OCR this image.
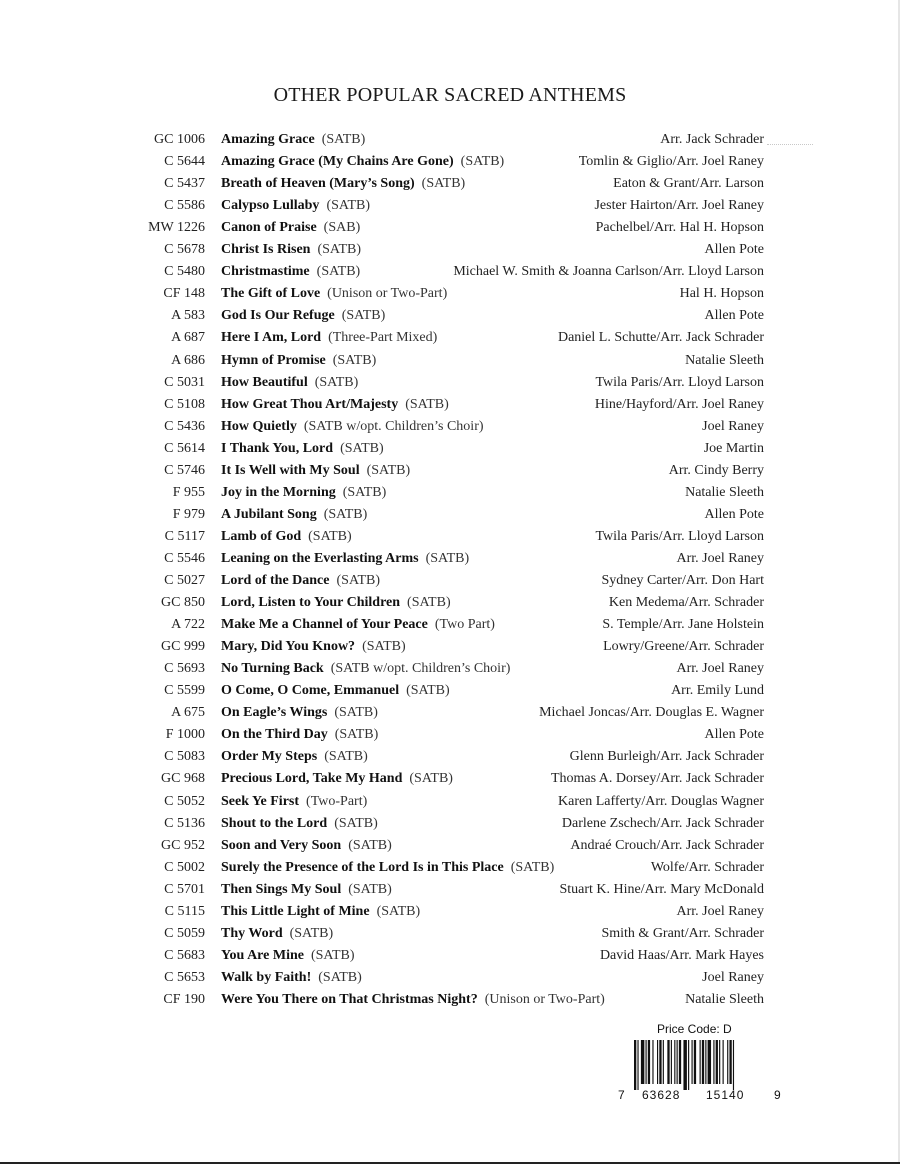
OTHER POPULAR SACRED ANTHEMS
GC 1006 Amazing Grace  (SATB)	Arr. Jack Schrader
C 5644 Amazing Grace (My Chains Are Gone)  (SATB)	Tomlin & Giglio/Arr. Joel Raney
C 5437 Breath of Heaven (Mary’s Song)  (SATB)	Eaton & Grant/Arr. Larson
C 5586 Calypso Lullaby  (SATB)	Jester Hairton/Arr. Joel Raney
MW 1226 Canon of Praise  (SAB)	Pachelbel/Arr. Hal H. Hopson
C 5678 Christ Is Risen  (SATB)	Allen Pote
C 5480 Christmastime  (SATB)	Michael W. Smith & Joanna Carlson/Arr. Lloyd Larson
CF 148 The Gift of Love  (Unison or Two-Part)	Hal H. Hopson
A 583 God Is Our Refuge  (SATB)	Allen Pote
A 687 Here I Am, Lord  (Three-Part Mixed)	Daniel L. Schutte/Arr. Jack Schrader
A 686 Hymn of Promise  (SATB)	Natalie Sleeth
C 5031 How Beautiful  (SATB)	Twila Paris/Arr. Lloyd Larson
C 5108 How Great Thou Art/Majesty  (SATB)	Hine/Hayford/Arr. Joel Raney
C 5436 How Quietly  (SATB w/opt. Children’s Choir)	Joel Raney
C 5614 I Thank You, Lord  (SATB)	Joe Martin
C 5746 It Is Well with My Soul  (SATB)	Arr. Cindy Berry
F 955 Joy in the Morning  (SATB)	Natalie Sleeth
F 979 A Jubilant Song  (SATB)	Allen Pote
C 5117 Lamb of God  (SATB)	Twila Paris/Arr. Lloyd Larson
C 5546 Leaning on the Everlasting Arms  (SATB)	Arr. Joel Raney
C 5027 Lord of the Dance  (SATB)	Sydney Carter/Arr. Don Hart
GC 850 Lord, Listen to Your Children  (SATB)	Ken Medema/Arr. Schrader
A 722 Make Me a Channel of Your Peace  (Two Part)	S. Temple/Arr. Jane Holstein
GC 999 Mary, Did You Know?  (SATB)	Lowry/Greene/Arr. Schrader
C 5693 No Turning Back  (SATB w/opt. Children’s Choir)	Arr. Joel Raney
C 5599 O Come, O Come, Emmanuel  (SATB)	Arr. Emily Lund
A 675 On Eagle’s Wings  (SATB)	Michael Joncas/Arr. Douglas E. Wagner
F 1000 On the Third Day  (SATB)	Allen Pote
C 5083 Order My Steps  (SATB)	Glenn Burleigh/Arr. Jack Schrader
GC 968 Precious Lord, Take My Hand  (SATB)	Thomas A. Dorsey/Arr. Jack Schrader
C 5052 Seek Ye First  (Two-Part)	Karen Lafferty/Arr. Douglas Wagner
C 5136 Shout to the Lord  (SATB)	Darlene Zschech/Arr. Jack Schrader
GC 952 Soon and Very Soon  (SATB)	Andraé Crouch/Arr. Jack Schrader
C 5002 Surely the Presence of the Lord Is in This Place  (SATB)	Wolfe/Arr. Schrader
C 5701 Then Sings My Soul  (SATB)	Stuart K. Hine/Arr. Mary McDonald
C 5115 This Little Light of Mine  (SATB)	Arr. Joel Raney
C 5059 Thy Word  (SATB)	Smith & Grant/Arr. Schrader
C 5683 You Are Mine  (SATB)	David Haas/Arr. Mark Hayes
C 5653 Walk by Faith!  (SATB)	Joel Raney
CF 190 Were You There on That Christmas Night?  (Unison or Two-Part)	Natalie Sleeth
Price Code: D
7 63628 15140 9
